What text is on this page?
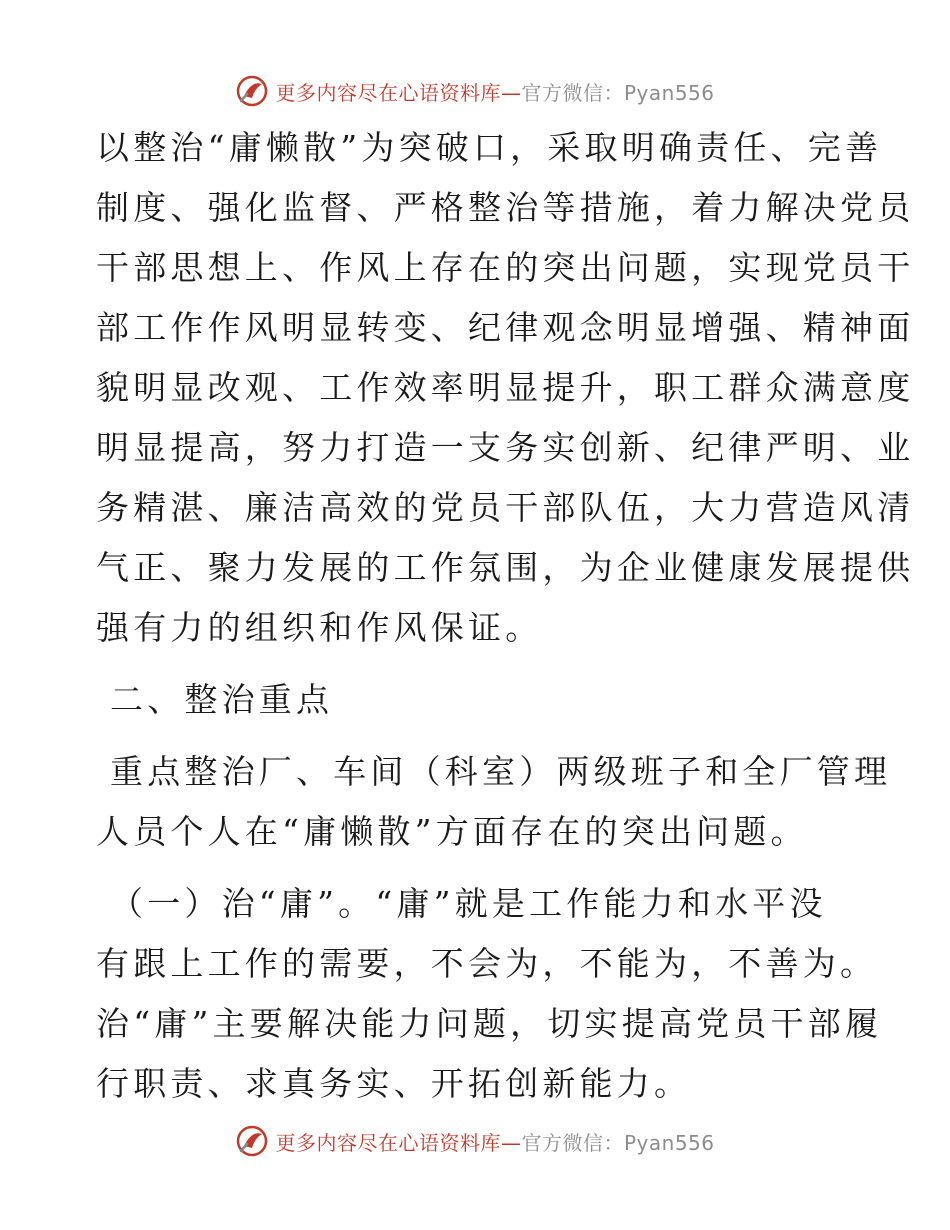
更多内容尽在心语资料库—官方微信：Pyan556
以整治“庸懒散”为突破口，采取明确责任、完善
制度、强化监督、严格整治等措施，着力解决党员
干部思想上、作风上存在的突出问题，实现党员干
部工作作风明显转变、纪律观念明显增强、精神面
貌明显改观、工作效率明显提升，职工群众满意度
明显提高，努力打造一支务实创新、纪律严明、业
务精湛、廉洁高效的党员干部队伍，大力营造风清
气正、聚力发展的工作氛围，为企业健康发展提供
强有力的组织和作风保证。
二、整治重点
重点整治厂、车间（科室）两级班子和全厂管理
人员个人在“庸懒散”方面存在的突出问题。
（一）治“庸”。“庸”就是工作能力和水平没
有跟上工作的需要，不会为，不能为，不善为。
治“庸”主要解决能力问题，切实提高党员干部履
行职责、求真务实、开拓创新能力。
更多内容尽在心语资料库—官方微信：Pyan556
